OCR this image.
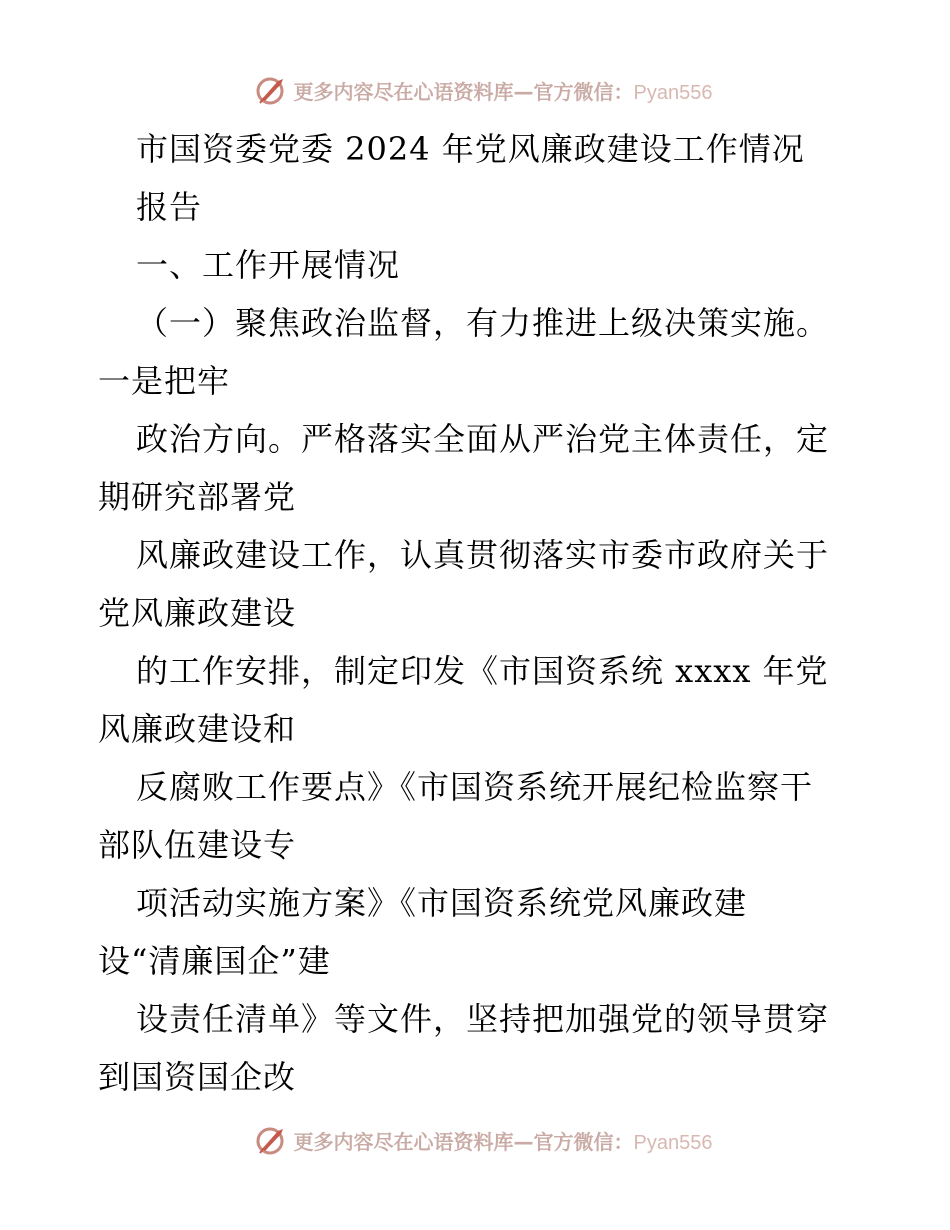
更多内容尽在心语资料库—官方微信：Pyan556
市国资委党委 2024 年党风廉政建设工作情况
报告
一、工作开展情况
（一）聚焦政治监督，有力推进上级决策实施。
一是把牢
政治方向。严格落实全面从严治党主体责任，定
期研究部署党
风廉政建设工作，认真贯彻落实市委市政府关于
党风廉政建设
的工作安排，制定印发《市国资系统 xxxx 年党
风廉政建设和
反腐败工作要点》《市国资系统开展纪检监察干
部队伍建设专
项活动实施方案》《市国资系统党风廉政建
设“清廉国企”建
设责任清单》等文件，坚持把加强党的领导贯穿
到国资国企改
更多内容尽在心语资料库—官方微信：Pyan556
